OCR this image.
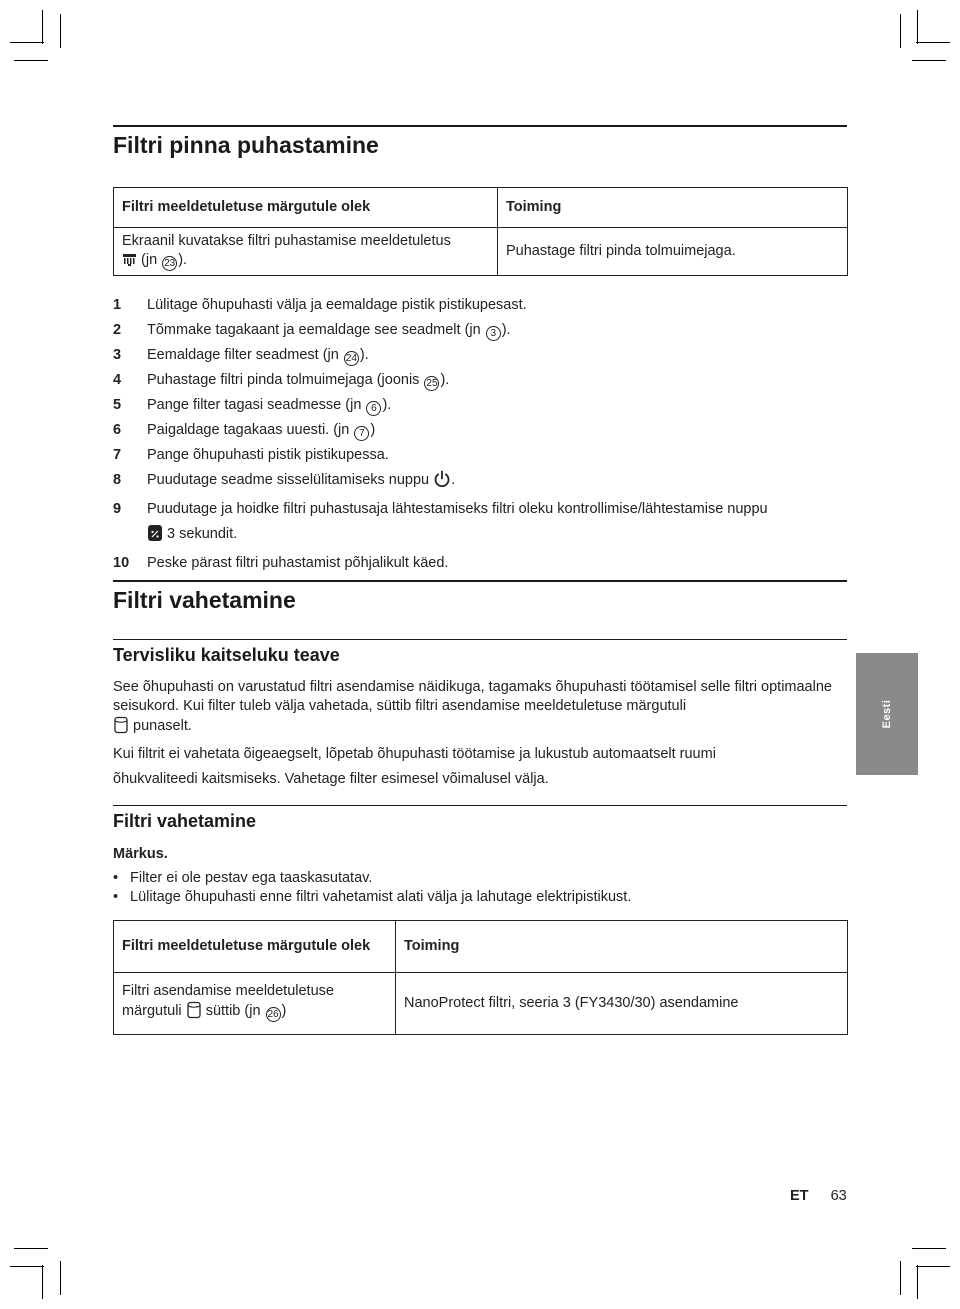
Filtri pinna puhastamine
Filtri meeldetuletuse märgutule olek	Toiming
Ekraanil kuvatakse filtri puhastamise meeldetuletus
(jn 23 ).	Puhastage filtri pinda tolmuimejaga.
1	Lülitage õhupuhasti välja ja eemaldage pistik pistikupesast.
2	Tõmmake tagakaant ja eemaldage see seadmelt (jn 3 ).
3	Eemaldage filter seadmest (jn 24 ).
4	Puhastage filtri pinda tolmuimejaga (joonis 25 ).
5	Pange filter tagasi seadmesse (jn 6 ).
6	Paigaldage tagakaas uuesti. (jn 7 )
7	Pange õhupuhasti pistik pistikupessa.
8	Puudutage seadme sisselülitamiseks nuppu .
9	Puudutage ja hoidke filtri puhastusaja lähtestamiseks filtri oleku kontrollimise/lähtestamise nuppu
3 sekundit.
10	Peske pärast filtri puhastamist põhjalikult käed.
Filtri vahetamine
Tervisliku kaitseluku teave
See õhupuhasti on varustatud filtri asendamise näidikuga, tagamaks õhupuhasti töötamisel selle filtri optimaalne seisukord. Kui filter tuleb välja vahetada, süttib filtri asendamise meeldetuletuse märgutuli
punaselt.
Kui filtrit ei vahetata õigeaegselt, lõpetab õhupuhasti töötamise ja lukustub automaatselt ruumi
õhukvaliteedi kaitsmiseks. Vahetage filter esimesel võimalusel välja.
Filtri vahetamine
Märkus.
• Filter ei ole pestav ega taaskasutatav.
• Lülitage õhupuhasti enne filtri vahetamist alati välja ja lahutage elektripistikust.
Filtri meeldetuletuse märgutule olek	Toiming
Filtri asendamise meeldetuletuse
märgutuli süttib (jn 26 )	NanoProtect filtri, seeria 3 (FY3430/30) asendamine
Eesti
ET 63
